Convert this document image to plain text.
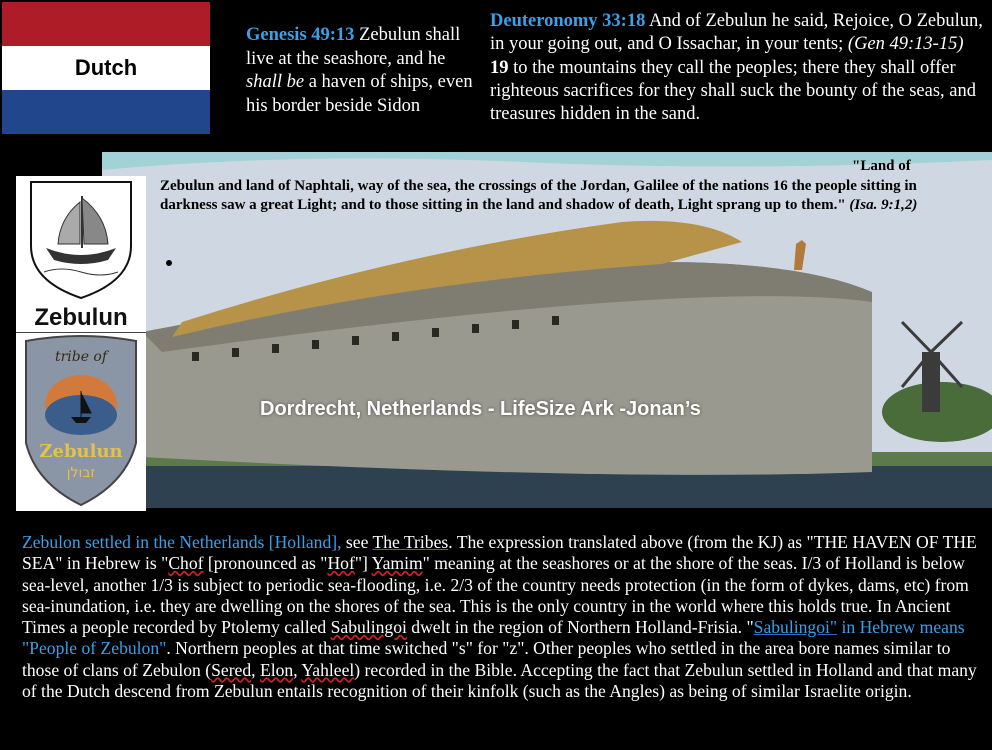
Dutch
Genesis 49:13 Zebulun shall live at the seashore, and he shall be a haven of ships, even his border beside Sidon
Deuteronomy 33:18 And of Zebulun he said, Rejoice, O Zebulun, in your going out, and O Issachar, in your tents; (Gen 49:13-15) 19 to the mountains they call the peoples; there they shall offer righteous sacrifices for they shall suck the bounty of the seas, and treasures hidden in the sand.
"Land of Zebulun and land of Naphtali, way of the sea, the crossings of the Jordan, Galilee of the nations 16 the people sitting in darkness saw a great Light; and to those sitting in the land and shadow of death, Light sprang up to them." (Isa. 9:1,2)
Dordrecht, Netherlands - LifeSize Ark -Jonan’s
Zebulun
tribe of
Zebulun
זבולן
Zebulon settled in the Netherlands [Holland], see The Tribes. The expression translated above (from the KJ) as "THE HAVEN OF THE SEA" in Hebrew is "Chof [pronounced as "Hof"] Yamim" meaning at the seashores or at the shore of the seas. I/3 of Holland is below sea-level, another 1/3 is subject to periodic sea-flooding, i.e. 2/3 of the country needs protection (in the form of dykes, dams, etc) from sea-inundation, i.e. they are dwelling on the shores of the sea. This is the only country in the world where this holds true. In Ancient Times a people recorded by Ptolemy called Sabulingoi dwelt in the region of Northern Holland-Frisia. "Sabulingoi" in Hebrew means "People of Zebulon". Northern peoples at that time switched "s" for "z". Other peoples who settled in the area bore names similar to those of clans of Zebulon (Sered, Elon, Yahleel) recorded in the Bible. Accepting the fact that Zebulun settled in Holland and that many of the Dutch descend from Zebulun entails recognition of their kinfolk (such as the Angles) as being of similar Israelite origin.
